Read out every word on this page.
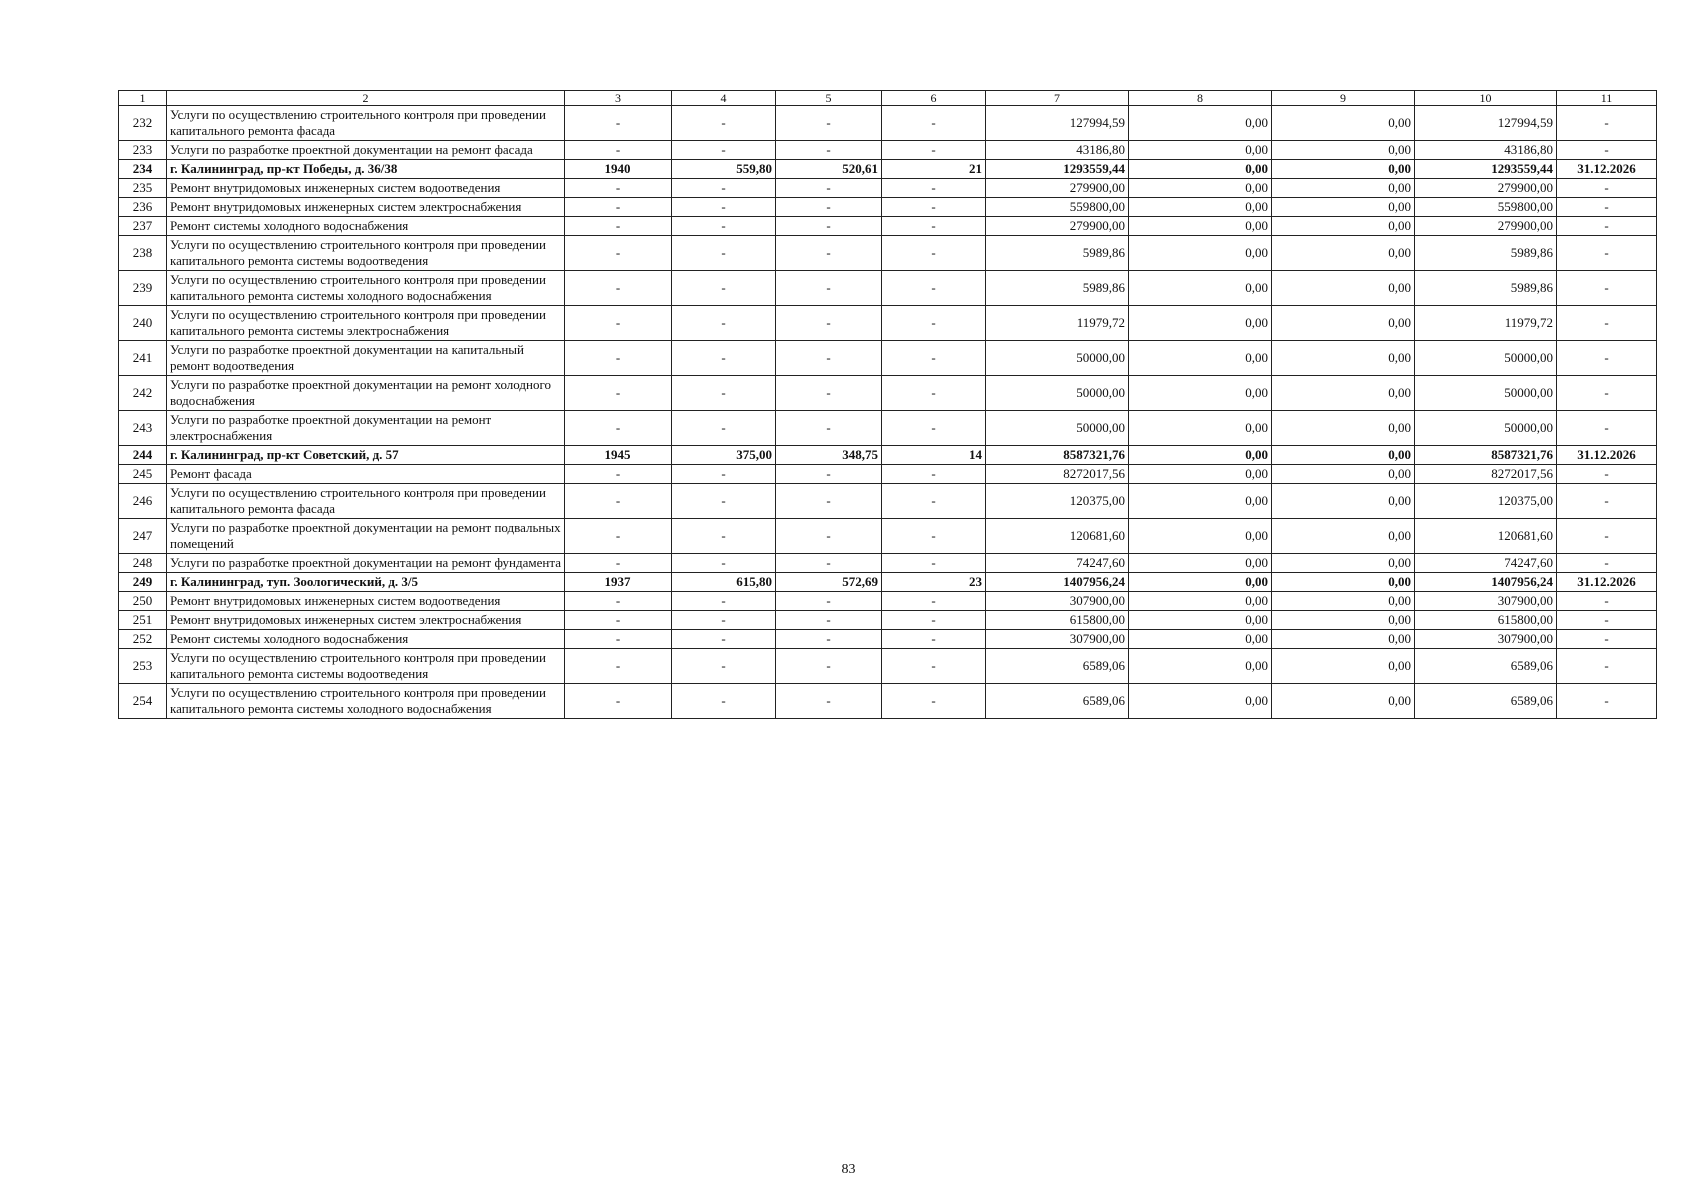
1	2	3	4	5	6	7	8	9	10	11
232	Услуги по осуществлению строительного контроля при проведении капитального ремонта фасада	-	-	-	-	127994,59	0,00	0,00	127994,59	-
233	Услуги по разработке проектной документации на ремонт фасада	-	-	-	-	43186,80	0,00	0,00	43186,80	-
234	г. Калининград, пр-кт Победы, д. 36/38	1940	559,80	520,61	21	1293559,44	0,00	0,00	1293559,44	31.12.2026
235	Ремонт внутридомовых инженерных систем водоотведения	-	-	-	-	279900,00	0,00	0,00	279900,00	-
236	Ремонт внутридомовых инженерных систем электроснабжения	-	-	-	-	559800,00	0,00	0,00	559800,00	-
237	Ремонт системы холодного водоснабжения	-	-	-	-	279900,00	0,00	0,00	279900,00	-
238	Услуги по осуществлению строительного контроля при проведении капитального ремонта системы водоотведения	-	-	-	-	5989,86	0,00	0,00	5989,86	-
239	Услуги по осуществлению строительного контроля при проведении капитального ремонта системы холодного водоснабжения	-	-	-	-	5989,86	0,00	0,00	5989,86	-
240	Услуги по осуществлению строительного контроля при проведении капитального ремонта системы электроснабжения	-	-	-	-	11979,72	0,00	0,00	11979,72	-
241	Услуги по разработке проектной документации на капитальный ремонт водоотведения	-	-	-	-	50000,00	0,00	0,00	50000,00	-
242	Услуги по разработке проектной документации на ремонт холодного водоснабжения	-	-	-	-	50000,00	0,00	0,00	50000,00	-
243	Услуги по разработке проектной документации на ремонт электроснабжения	-	-	-	-	50000,00	0,00	0,00	50000,00	-
244	г. Калининград, пр-кт Советский, д. 57	1945	375,00	348,75	14	8587321,76	0,00	0,00	8587321,76	31.12.2026
245	Ремонт фасада	-	-	-	-	8272017,56	0,00	0,00	8272017,56	-
246	Услуги по осуществлению строительного контроля при проведении капитального ремонта фасада	-	-	-	-	120375,00	0,00	0,00	120375,00	-
247	Услуги по разработке проектной документации на ремонт подвальных помещений	-	-	-	-	120681,60	0,00	0,00	120681,60	-
248	Услуги по разработке проектной документации на ремонт фундамента	-	-	-	-	74247,60	0,00	0,00	74247,60	-
249	г. Калининград, туп. Зоологический, д. 3/5	1937	615,80	572,69	23	1407956,24	0,00	0,00	1407956,24	31.12.2026
250	Ремонт внутридомовых инженерных систем водоотведения	-	-	-	-	307900,00	0,00	0,00	307900,00	-
251	Ремонт внутридомовых инженерных систем электроснабжения	-	-	-	-	615800,00	0,00	0,00	615800,00	-
252	Ремонт системы холодного водоснабжения	-	-	-	-	307900,00	0,00	0,00	307900,00	-
253	Услуги по осуществлению строительного контроля при проведении капитального ремонта системы водоотведения	-	-	-	-	6589,06	0,00	0,00	6589,06	-
254	Услуги по осуществлению строительного контроля при проведении капитального ремонта системы холодного водоснабжения	-	-	-	-	6589,06	0,00	0,00	6589,06	-
83
